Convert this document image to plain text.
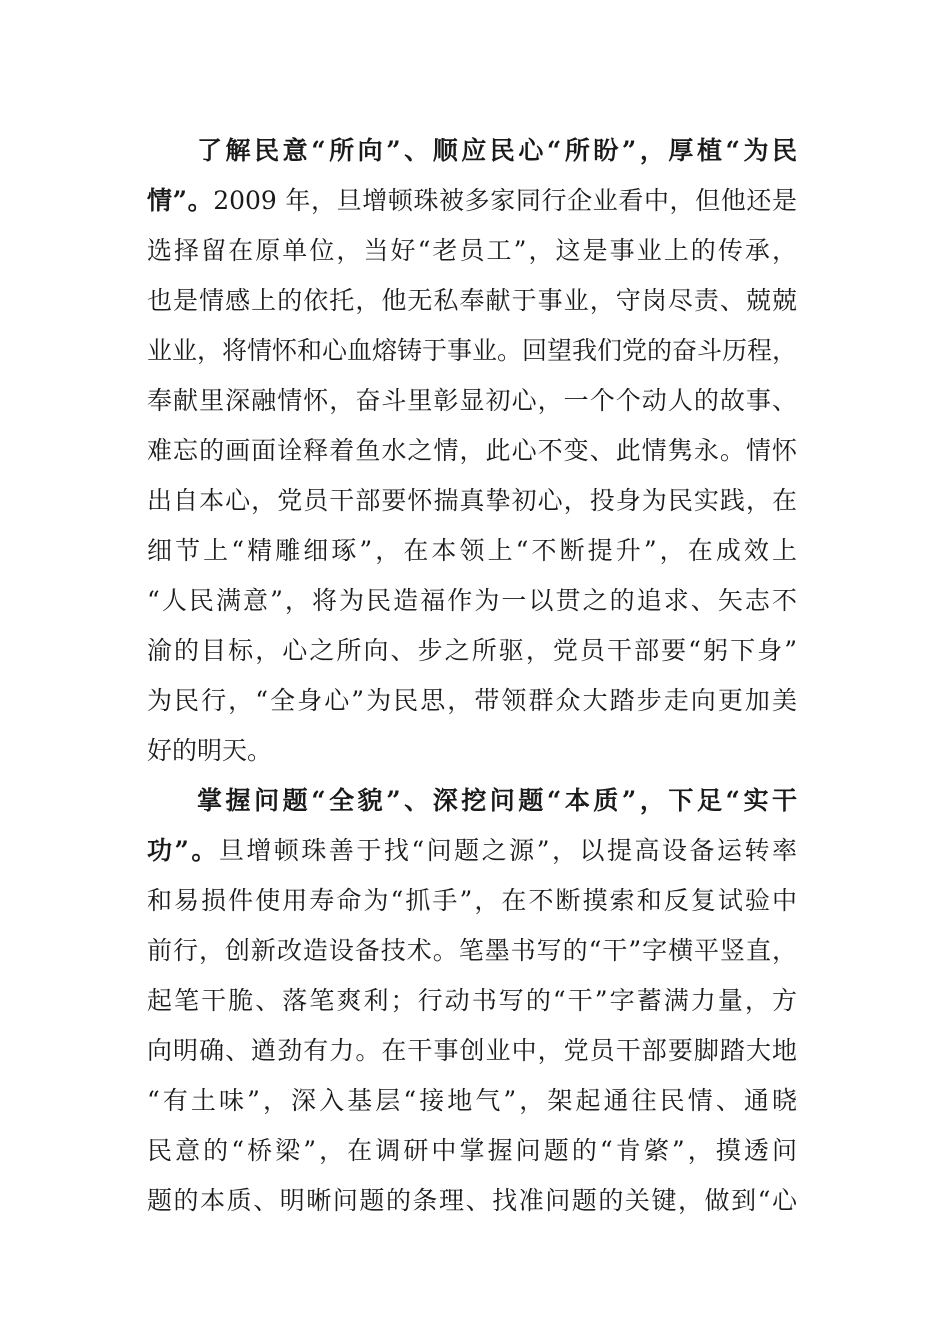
了解民意“所向”、顺应民心“所盼”，厚植“为民
情”。2009 年，旦增顿珠被多家同行企业看中，但他还是
选择留在原单位，当好“老员工”，这是事业上的传承，
也是情感上的依托，他无私奉献于事业，守岗尽责、兢兢
业业，将情怀和心血熔铸于事业。回望我们党的奋斗历程，
奉献里深融情怀，奋斗里彰显初心，一个个动人的故事、
难忘的画面诠释着鱼水之情，此心不变、此情隽永。情怀
出自本心，党员干部要怀揣真挚初心，投身为民实践，在
细节上“精雕细琢”，在本领上“不断提升”，在成效上
“人民满意”，将为民造福作为一以贯之的追求、矢志不
渝的目标，心之所向、步之所驱，党员干部要“躬下身”
为民行，“全身心”为民思，带领群众大踏步走向更加美
好的明天。
掌握问题“全貌”、深挖问题“本质”，下足“实干
功”。旦增顿珠善于找“问题之源”，以提高设备运转率
和易损件使用寿命为“抓手”，在不断摸索和反复试验中
前行，创新改造设备技术。笔墨书写的“干”字横平竖直，
起笔干脆、落笔爽利；行动书写的“干”字蓄满力量，方
向明确、遒劲有力。在干事创业中，党员干部要脚踏大地
“有土味”，深入基层“接地气”，架起通往民情、通晓
民意的“桥梁”，在调研中掌握问题的“肯綮”，摸透问
题的本质、明晰问题的条理、找准问题的关键，做到“心
